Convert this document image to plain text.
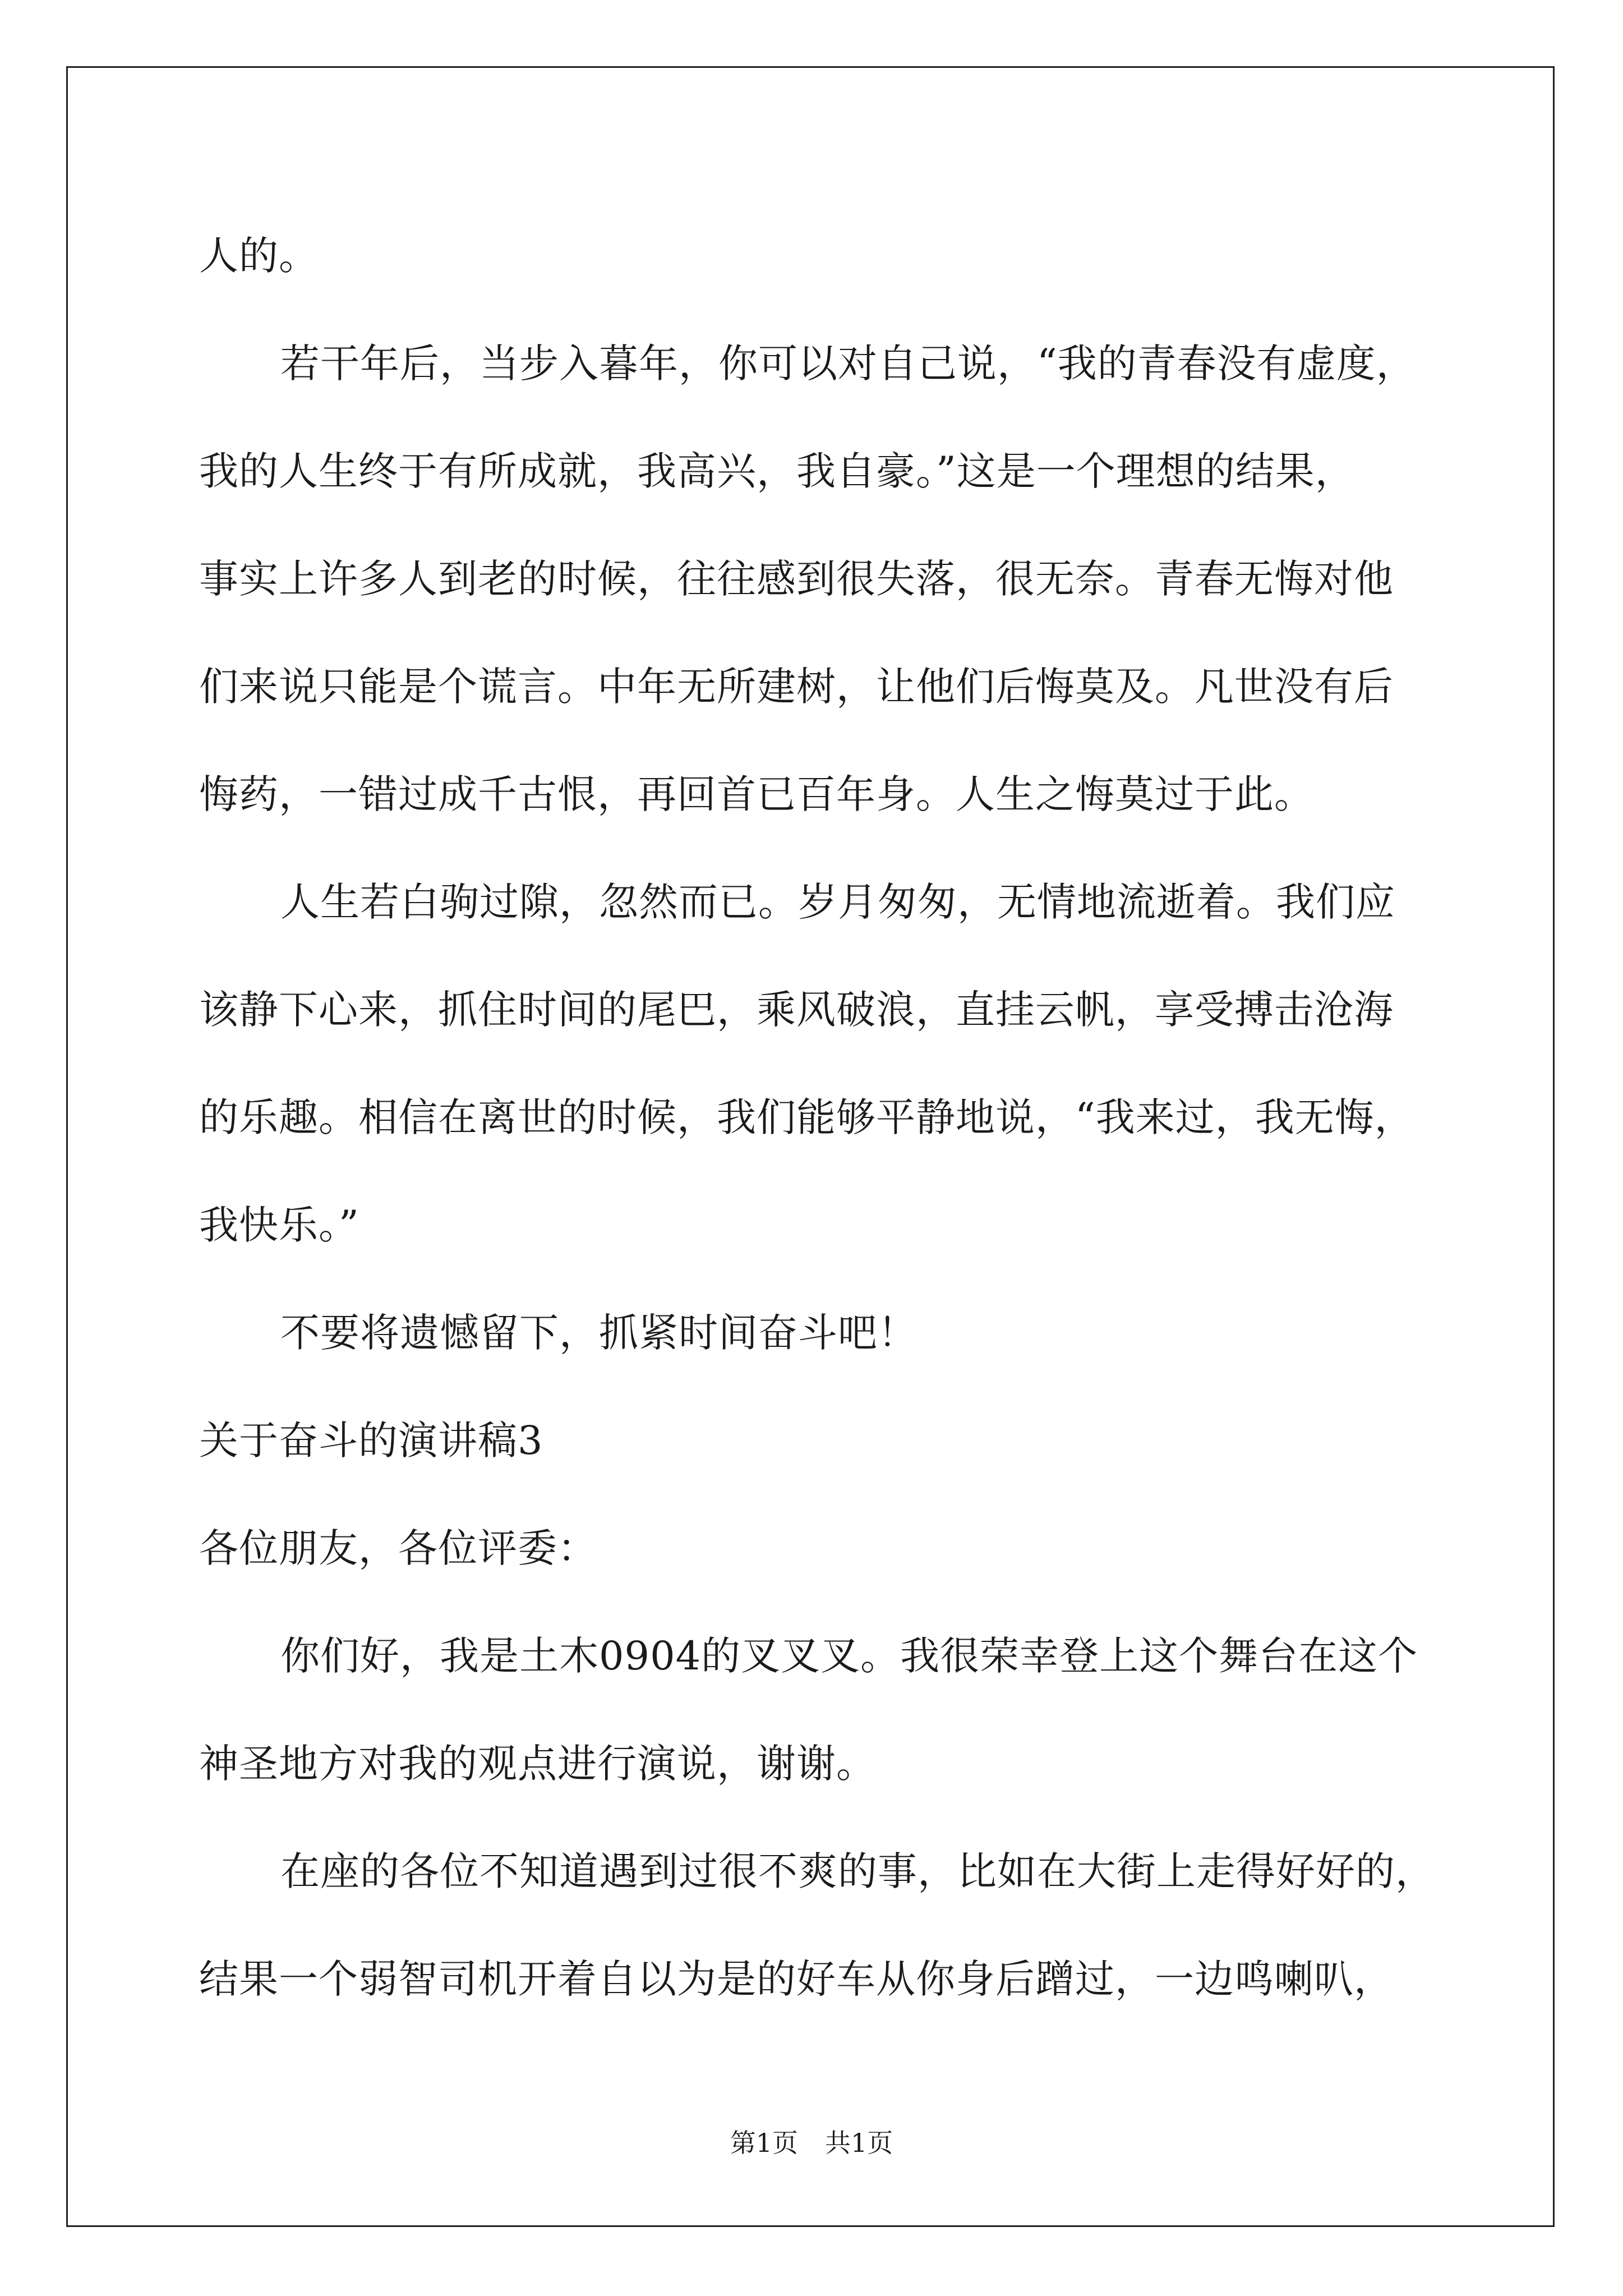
人的。
若干年后，当步入暮年，你可以对自己说，“我的青春没有虚度，
我的人生终于有所成就，我高兴，我自豪。”这是一个理想的结果，
事实上许多人到老的时候，往往感到很失落，很无奈。青春无悔对他
们来说只能是个谎言。中年无所建树，让他们后悔莫及。凡世没有后
悔药，一错过成千古恨，再回首已百年身。人生之悔莫过于此。
人生若白驹过隙，忽然而已。岁月匆匆，无情地流逝着。我们应
该静下心来，抓住时间的尾巴，乘风破浪，直挂云帆，享受搏击沧海
的乐趣。相信在离世的时候，我们能够平静地说，“我来过，我无悔，
我快乐。”
不要将遗憾留下，抓紧时间奋斗吧！
关于奋斗的演讲稿3
各位朋友，各位评委：
你们好，我是土木0904的叉叉叉。我很荣幸登上这个舞台在这个
神圣地方对我的观点进行演说，谢谢。
在座的各位不知道遇到过很不爽的事，比如在大街上走得好好的，
结果一个弱智司机开着自以为是的好车从你身后蹭过，一边鸣喇叭，
第1页 共1页
